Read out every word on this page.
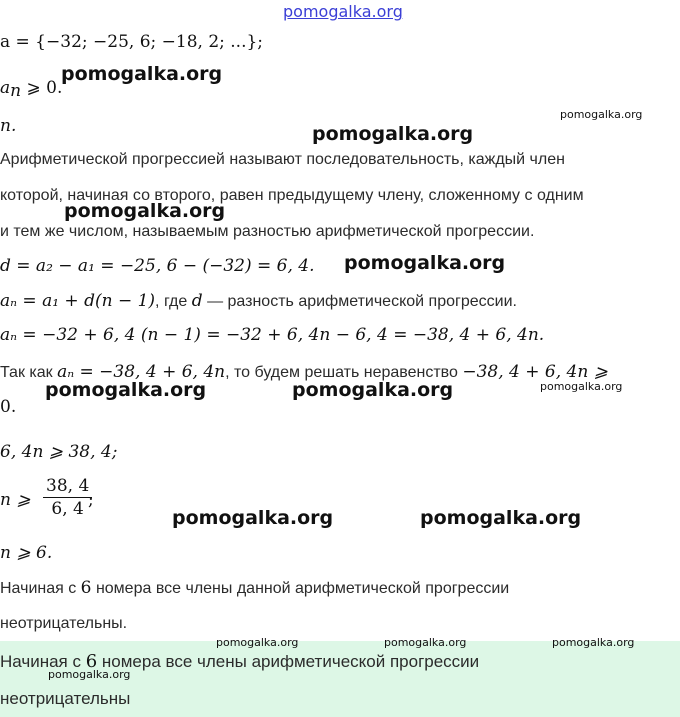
pomogalka.org
a = {−32; −25, 6; −18, 2; ...};
$a_n$ ⩾ 0.
n.
Арифметической прогрессией называют последовательность, каждый член
которой, начиная со второго, равен предыдущему члену, сложенному с одним
и тем же числом, называемым разностью арифметической прогрессии.
d = a₂ − a₁ = −25, 6 − (−32) = 6, 4.
aₙ = a₁ + d(n − 1), где d — разность арифметической прогрессии.
aₙ = −32 + 6, 4 (n − 1) = −32 + 6, 4n − 6, 4 = −38, 4 + 6, 4n.
Так как aₙ = −38, 4 + 6, 4n, то будем решать неравенство −38, 4 + 6, 4n ⩾
0.
6, 4n ⩾ 38, 4;
n ⩾ $\frac{38, 4}{6, 4}$
;
n ⩾ 6.
Начиная с 6 номера все члены данной арифметической прогрессии
неотрицательны.
Начиная с 6 номера все члены арифметической прогрессии
неотрицательны
pomogalka.org
pomogalka.org
pomogalka.org
pomogalka.org
pomogalka.org	pomogalka.org
pomogalka.org	pomogalka.org
pomogalka.org
pomogalka.org
pomogalka.org	pomogalka.org	pomogalka.org
pomogalka.org
